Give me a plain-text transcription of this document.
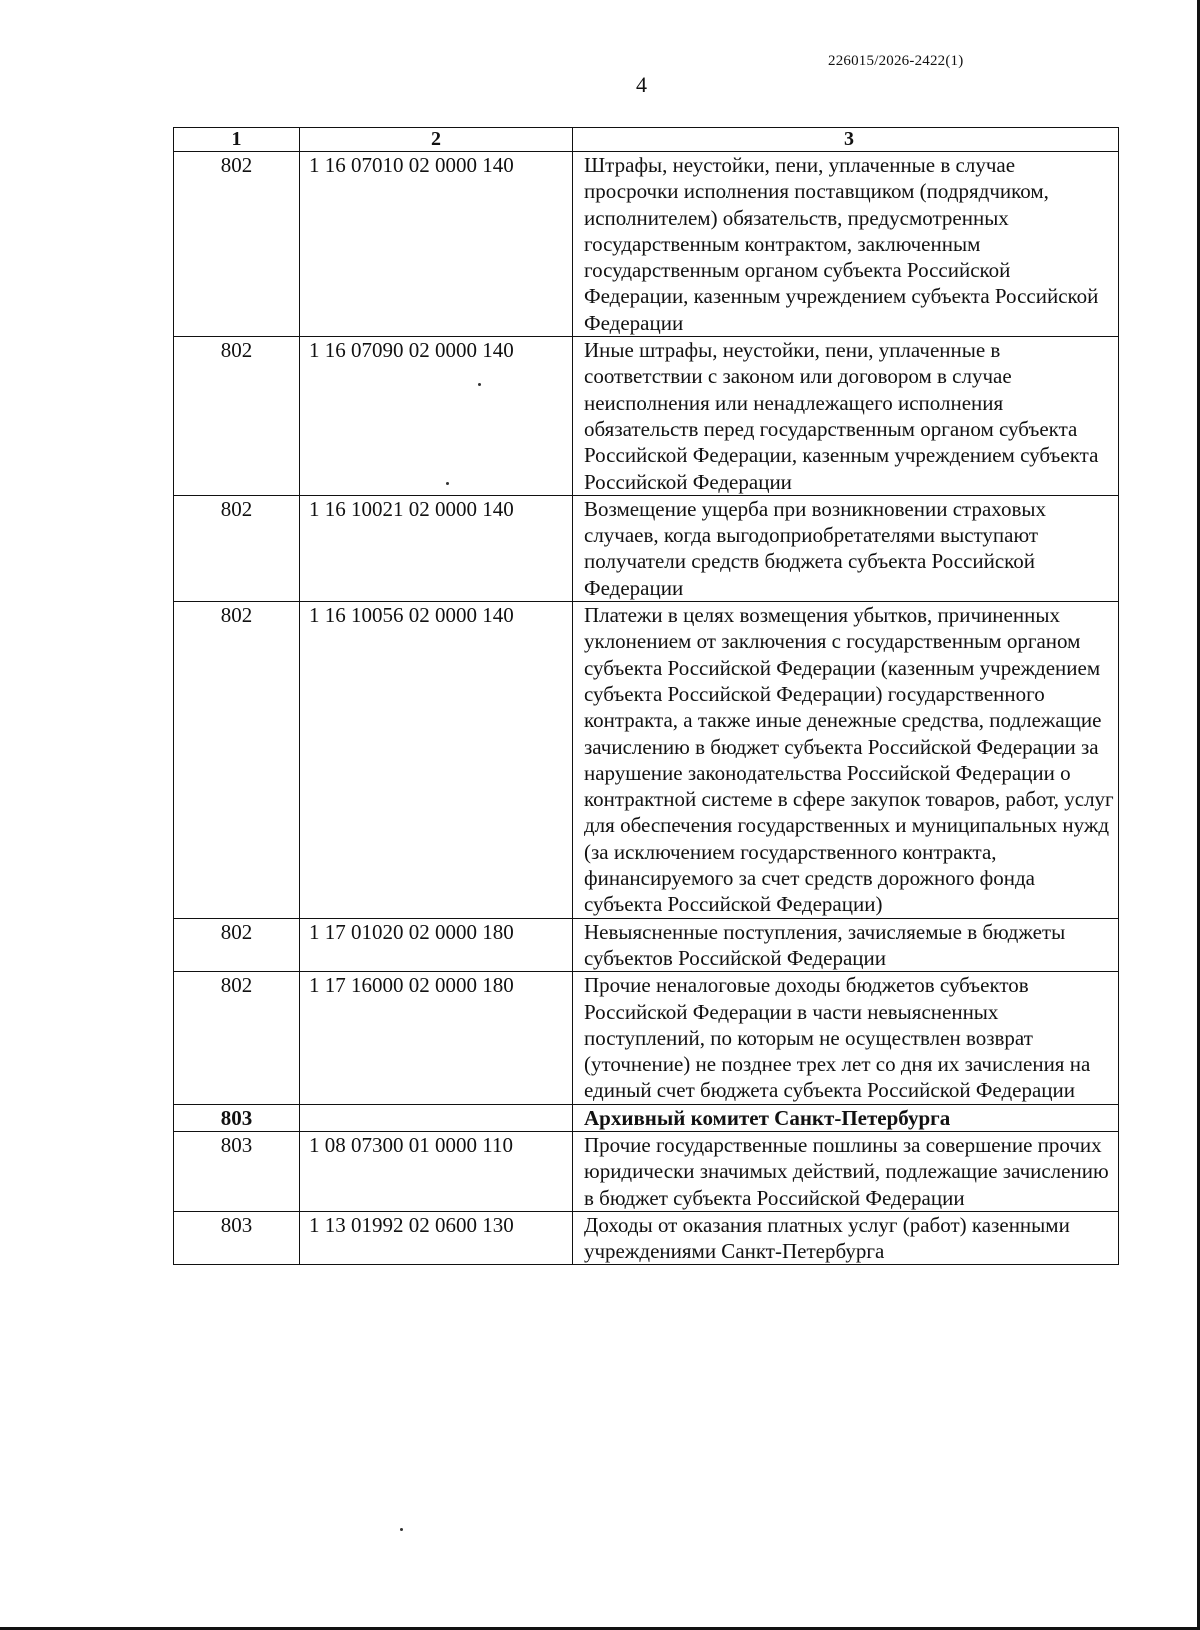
226015/2026-2422(1)
4
1	2	3
802	1 16 07010 02 0000 140	Штрафы, неустойки, пени, уплаченные в случае просрочки исполнения поставщиком (подрядчиком, исполнителем) обязательств, предусмотренных государственным контрактом, заключенным государственным органом субъекта Российской Федерации, казенным учреждением субъекта Российской Федерации
802	1 16 07090 02 0000 140	Иные штрафы, неустойки, пени, уплаченные в соответствии с законом или договором в случае неисполнения или ненадлежащего исполнения обязательств перед государственным органом субъекта Российской Федерации, казенным учреждением субъекта Российской Федерации
802	1 16 10021 02 0000 140	Возмещение ущерба при возникновении страховых случаев, когда выгодоприобретателями выступают получатели средств бюджета субъекта Российской Федерации
802	1 16 10056 02 0000 140	Платежи в целях возмещения убытков, причиненных уклонением от заключения с государственным органом субъекта Российской Федерации (казенным учреждением субъекта Российской Федерации) государственного контракта, а также иные денежные средства, подлежащие зачислению в бюджет субъекта Российской Федерации за нарушение законодательства Российской Федерации о контрактной системе в сфере закупок товаров, работ, услуг для обеспечения государственных и муниципальных нужд (за исключением государственного контракта, финансируемого за счет средств дорожного фонда субъекта Российской Федерации)
802	1 17 01020 02 0000 180	Невыясненные поступления, зачисляемые в бюджеты субъектов Российской Федерации
802	1 17 16000 02 0000 180	Прочие неналоговые доходы бюджетов субъектов Российской Федерации в части невыясненных поступлений, по которым не осуществлен возврат (уточнение) не позднее трех лет со дня их зачисления на единый счет бюджета субъекта Российской Федерации
803		Архивный комитет Санкт-Петербурга
803	1 08 07300 01 0000 110	Прочие государственные пошлины за совершение прочих юридически значимых действий, подлежащие зачислению в бюджет субъекта Российской Федерации
803	1 13 01992 02 0600 130	Доходы от оказания платных услуг (работ) казенными учреждениями Санкт-Петербурга
